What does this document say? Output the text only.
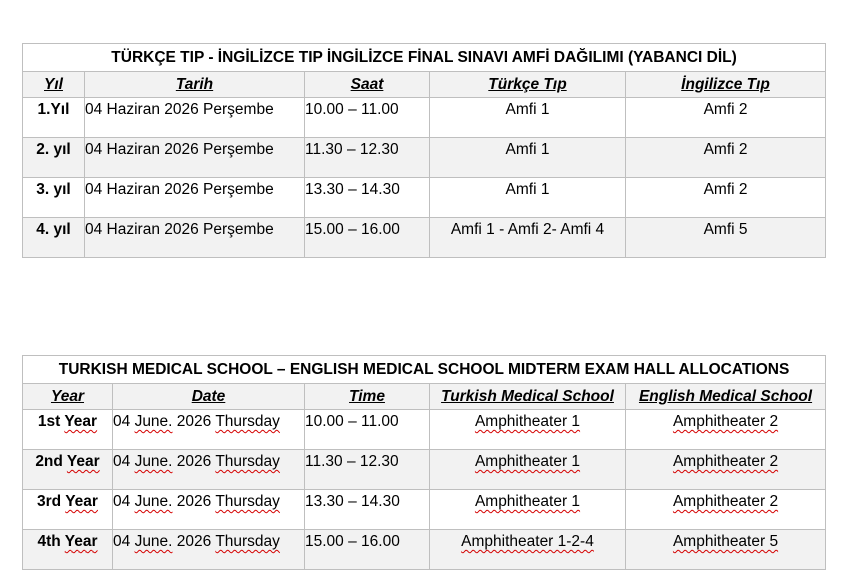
TÜRKÇE TIP - İNGİLİZCE TIP İNGİLİZCE FİNAL SINAVI AMFİ DAĞILIMI (YABANCI DİL)				
Yıl	Tarih	Saat	Türkçe Tıp	İngilizce Tıp
1.Yıl	04 Haziran 2026 Perşembe	10.00 – 11.00	Amfi 1	Amfi 2
2. yıl	04 Haziran 2026 Perşembe	11.30 – 12.30	Amfi 1	Amfi 2
3. yıl	04 Haziran 2026 Perşembe	13.30 – 14.30	Amfi 1	Amfi 2
4. yıl	04 Haziran 2026 Perşembe	15.00 – 16.00	Amfi 1 - Amfi 2- Amfi 4	Amfi 5
TURKISH MEDICAL SCHOOL – ENGLISH MEDICAL SCHOOL MIDTERM EXAM HALL ALLOCATIONS				
Year	Date	Time	Turkish Medical School	English Medical School
1st Year	04 June. 2026 Thursday	10.00 – 11.00	Amphitheater 1	Amphitheater 2
2nd Year	04 June. 2026 Thursday	11.30 – 12.30	Amphitheater 1	Amphitheater 2
3rd Year	04 June. 2026 Thursday	13.30 – 14.30	Amphitheater 1	Amphitheater 2
4th Year	04 June. 2026 Thursday	15.00 – 16.00	Amphitheater 1-2-4	Amphitheater 5
